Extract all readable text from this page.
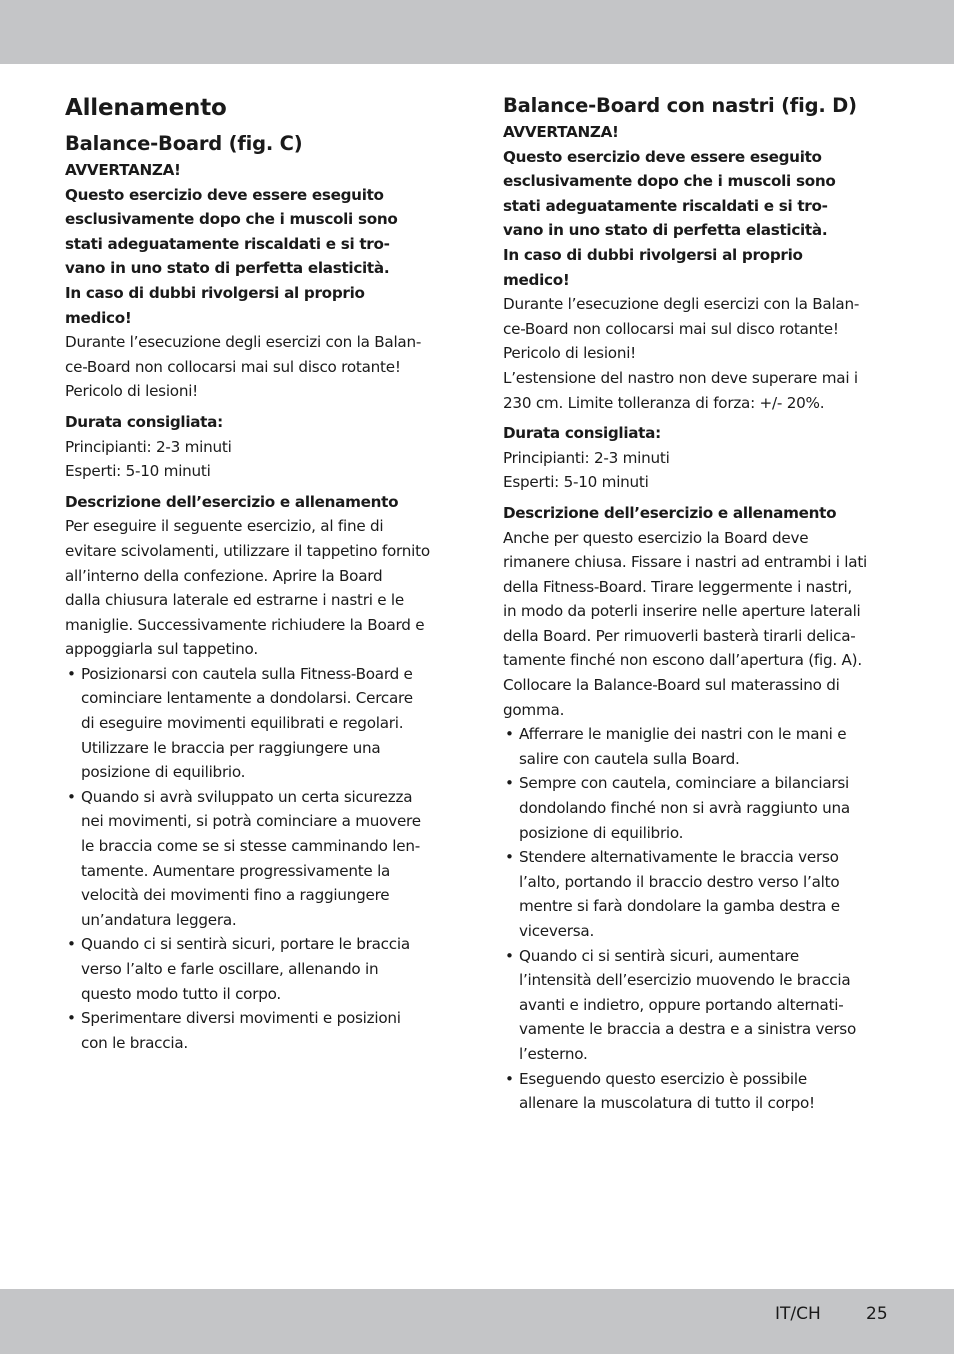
Allenamento
Balance-Board (fig. C)
AVVERTANZA!
Questo esercizio deve essere eseguito
esclusivamente dopo che i muscoli sono
stati adeguatamente riscaldati e si tro-
vano in uno stato di perfetta elasticità.
In caso di dubbi rivolgersi al proprio
medico!
Durante l’esecuzione degli esercizi con la Balan-
ce-Board non collocarsi mai sul disco rotante!
Pericolo di lesioni!
Durata consigliata:
Principianti: 2-3 minuti
Esperti: 5-10 minuti
Descrizione dell’esercizio e allenamento
Per eseguire il seguente esercizio, al fine di
evitare scivolamenti, utilizzare il tappetino fornito
all’interno della confezione. Aprire la Board
dalla chiusura laterale ed estrarne i nastri e le
maniglie. Successivamente richiudere la Board e
appoggiarla sul tappetino.
• Posizionarsi con cautela sulla Fitness-Board e
cominciare lentamente a dondolarsi. Cercare
di eseguire movimenti equilibrati e regolari.
Utilizzare le braccia per raggiungere una
posizione di equilibrio.
• Quando si avrà sviluppato un certa sicurezza
nei movimenti, si potrà cominciare a muovere
le braccia come se si stesse camminando len-
tamente. Aumentare progressivamente la
velocità dei movimenti fino a raggiungere
un’andatura leggera.
• Quando ci si sentirà sicuri, portare le braccia
verso l’alto e farle oscillare, allenando in
questo modo tutto il corpo.
• Sperimentare diversi movimenti e posizioni
con le braccia.
Balance-Board con nastri (fig. D)
AVVERTANZA!
Questo esercizio deve essere eseguito
esclusivamente dopo che i muscoli sono
stati adeguatamente riscaldati e si tro-
vano in uno stato di perfetta elasticità.
In caso di dubbi rivolgersi al proprio
medico!
Durante l’esecuzione degli esercizi con la Balan-
ce-Board non collocarsi mai sul disco rotante!
Pericolo di lesioni!
L’estensione del nastro non deve superare mai i
230 cm. Limite tolleranza di forza: +/- 20%.
Durata consigliata:
Principianti: 2-3 minuti
Esperti: 5-10 minuti
Descrizione dell’esercizio e allenamento
Anche per questo esercizio la Board deve
rimanere chiusa. Fissare i nastri ad entrambi i lati
della Fitness-Board. Tirare leggermente i nastri,
in modo da poterli inserire nelle aperture laterali
della Board. Per rimuoverli basterà tirarli delica-
tamente finché non escono dall’apertura (fig. A).
Collocare la Balance-Board sul materassino di
gomma.
• Afferrare le maniglie dei nastri con le mani e
salire con cautela sulla Board.
• Sempre con cautela, cominciare a bilanciarsi
dondolando finché non si avrà raggiunto una
posizione di equilibrio.
• Stendere alternativamente le braccia verso
l’alto, portando il braccio destro verso l’alto
mentre si farà dondolare la gamba destra e
viceversa.
• Quando ci si sentirà sicuri, aumentare
l’intensità dell’esercizio muovendo le braccia
avanti e indietro, oppure portando alternati-
vamente le braccia a destra e a sinistra verso
l’esterno.
• Eseguendo questo esercizio è possibile
allenare la muscolatura di tutto il corpo!
IT/CH	25
